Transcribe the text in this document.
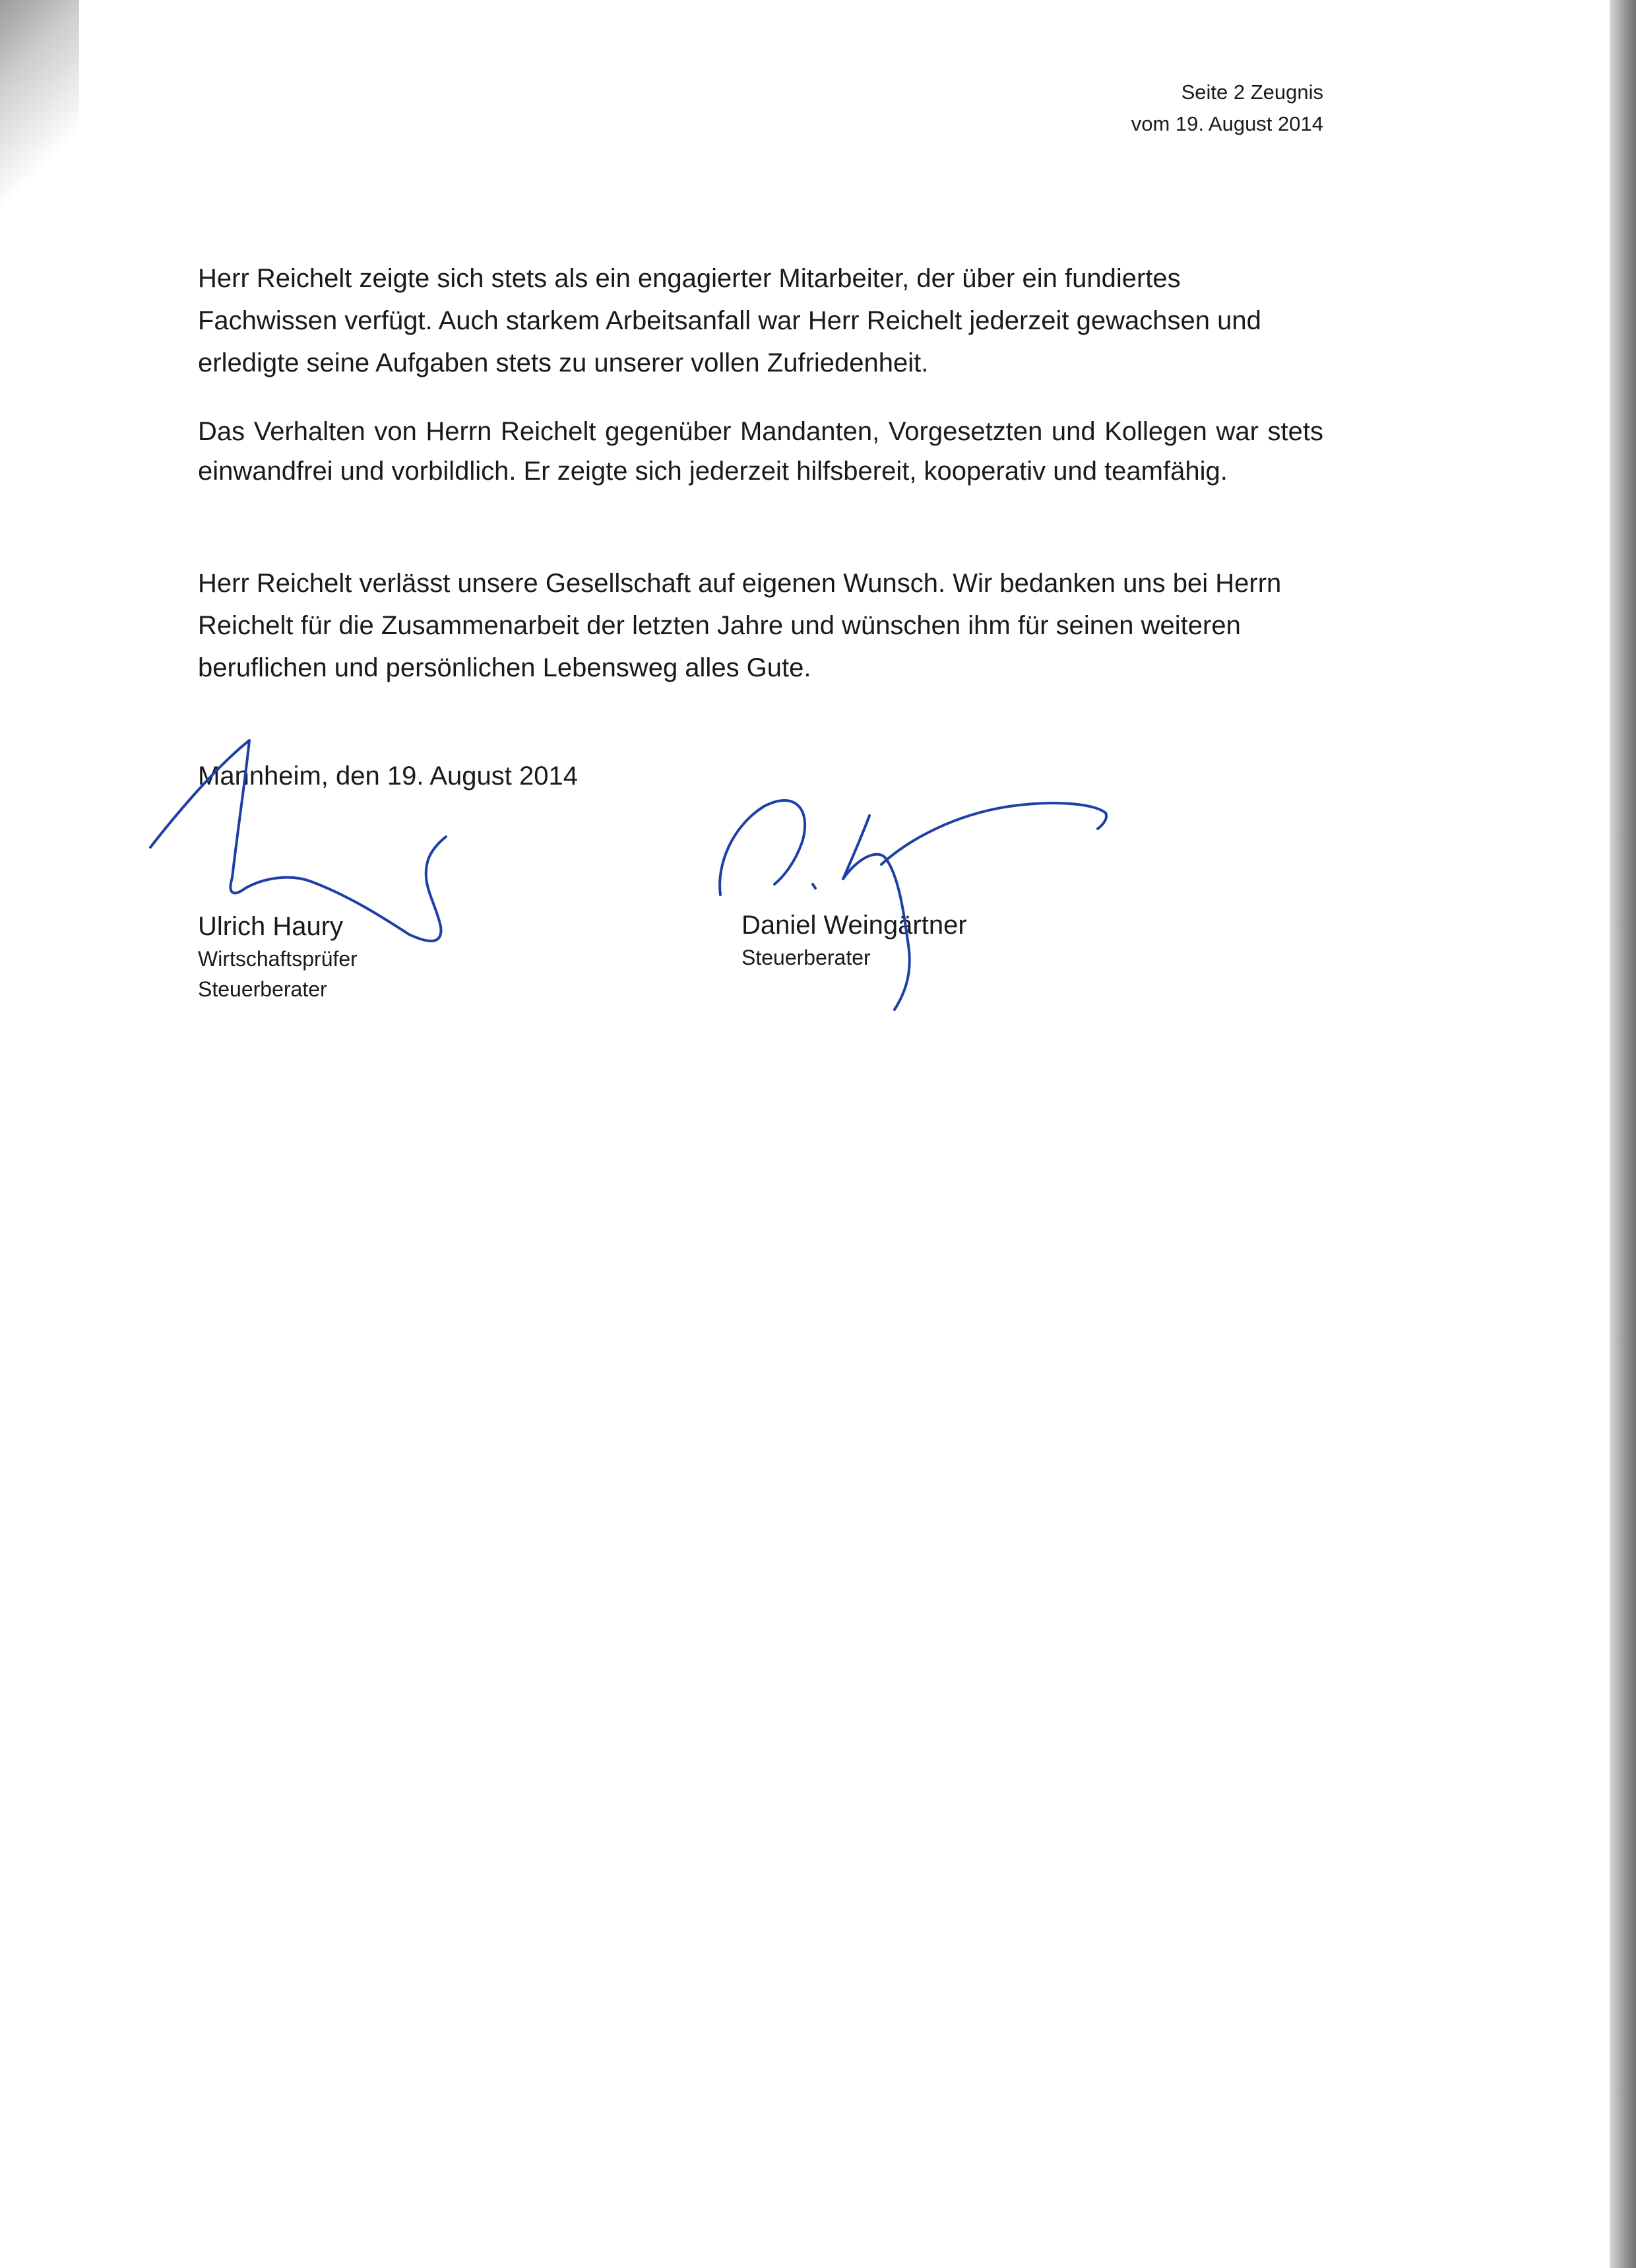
Seite 2 Zeugnis
vom 19. August 2014
Herr Reichelt zeigte sich stets als ein engagierter Mitarbeiter, der über ein fundiertes Fachwissen verfügt. Auch starkem Arbeitsanfall war Herr Reichelt jederzeit gewachsen und erledigte seine Aufgaben stets zu unserer vollen Zufriedenheit.
Das Verhalten von Herrn Reichelt gegenüber Mandanten, Vorgesetzten und Kollegen war stets einwandfrei und vorbildlich. Er zeigte sich jederzeit hilfsbereit, kooperativ und teamfähig.
Herr Reichelt verlässt unsere Gesellschaft auf eigenen Wunsch. Wir bedanken uns bei Herrn Reichelt für die Zusammenarbeit der letzten Jahre und wünschen ihm für seinen weiteren beruflichen und persönlichen Lebensweg alles Gute.
Mannheim, den 19. August 2014
Ulrich Haury
Wirtschaftsprüfer
Steuerberater
Daniel Weingärtner
Steuerberater
